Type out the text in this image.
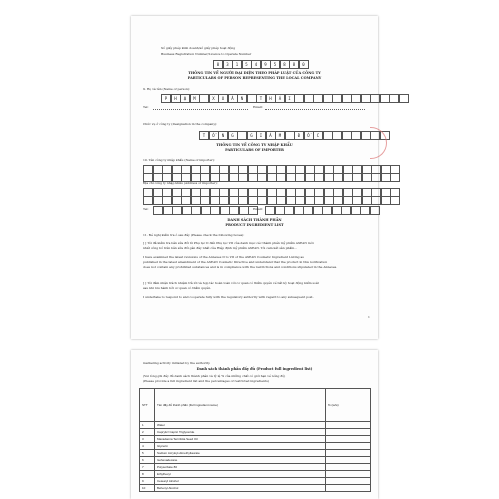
Số giấy phép kinh doanh/số giấy phép hoạt động
Business Registration Number/Licence to Operate Number
0	3	1	5	4	9	5	8	8	0
THÔNG TIN VỀ NGƯỜI ĐẠI DIỆN THEO PHÁP LUẬT CỦA CÔNG TY
PARTICULARS OF PERSON REPRESENTING THE LOCAL COMPANY
9. Họ và tên (Name of person):
P	H	Ạ	M	X	U	Â	N	T	H	Á	I
Tel:	Email:
Chức vụ ở công ty (Designation in the company):
T	Ổ	N	G	G	I	Á	M	Đ	Ố	C
THÔNG TIN VỀ CÔNG TY NHẬP KHẨU
PARTICULARS OF IMPORTER
10. Tên công ty nhập khẩu (Name of importer):
Địa chỉ công ty nhập khẩu (Address of importer):
Tel:	Email:
DANH SÁCH THÀNH PHẦN
PRODUCT INGREDIENT LIST
11. Đề nghị kiểm tra ô sau đây (Please check the following boxes):
[ ] Tôi đã kiểm tra bản sửa đổi từ Phụ lục II đến Phụ lục VII của danh mục các thành phần mỹ phẩm ASEAN mới
nhất công bố trên bản sửa đổi gần đây nhất của Hiệp định mỹ phẩm ASEAN. Tôi cam kết sản phẩm...
I have examined the latest revisions of the Annexes II to VII of the ASEAN Cosmetic Ingredient Listing as
published in the latest amendment of the ASEAN Cosmetic Directive and understand that the product in this notification
does not contain any prohibited substances and is in compliance with the restrictions and conditions stipulated in the Annexes.
[ ] Tôi đảm nhận trách nhiệm trả lời và hợp tác hoàn toàn với cơ quan có thẩm quyền về bất kỳ hoạt động kiểm soát
sau khi lưu hành bởi cơ quan có thẩm quyền.
I undertake to respond to and cooperate fully with the regulatory authority with regard to any subsequent post-
1
marketing activity initiated by the authority.
Danh sách thành phần đầy đủ (Product full ingredient list)
(Vui lòng ghi đầy đủ danh sách thành phần và tỷ lệ % của những chất có giới hạn về nồng độ)
(Please provide a full ingredient list and the percentages of restricted ingredients)
STT	Tên đầy đủ thành phần (Full ingredient name)	% (w/w)
1	Water	
2	Caprylic/ Capric Triglyceride	
3	Macadamia Ternifolia Seed Oil	
4	Glycerin	
5	Sodium Acryloyl-dimethyltaurate	
6	Isohexadecane	
7	Polysorbate 80	
8	Ethylhexyl	
9	Cetearyl Alcohol	
10	Behenyl Alcohol	
